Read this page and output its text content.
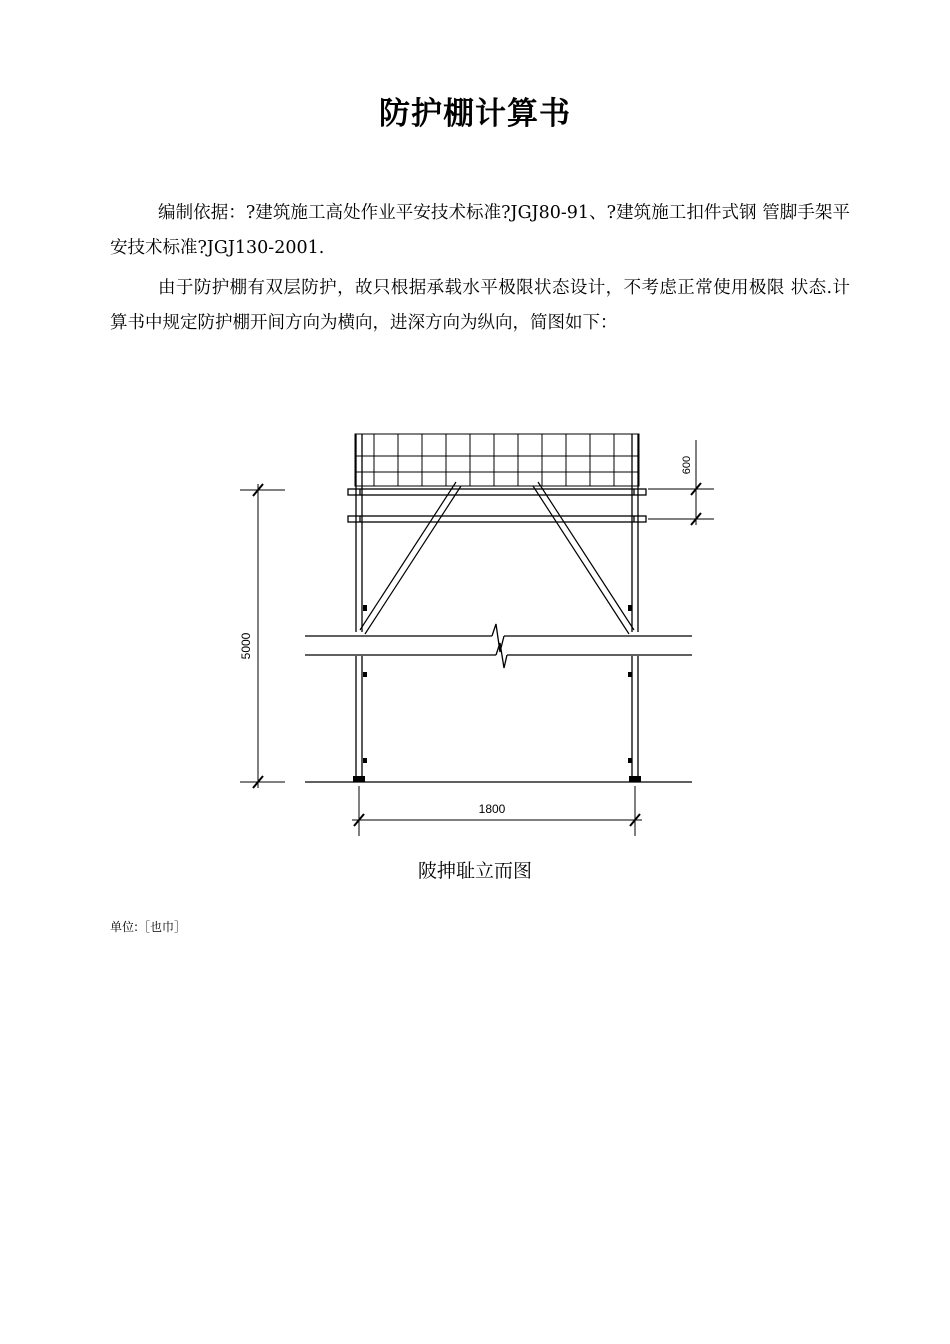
防护棚计算书
编制依据：?建筑施工高处作业平安技术标准?JGJ80-91、?建筑施工扣件式钢 管脚手架平安技术标准?JGJ130-2001.
由于防护棚有双层防护，故只根据承载水平极限状态设计，不考虑正常使用极限 状态.计算书中规定防护棚开间方向为横向，进深方向为纵向，简图如下：
5000
600
1800
陂抻耻立而图
单位:［也巾］
